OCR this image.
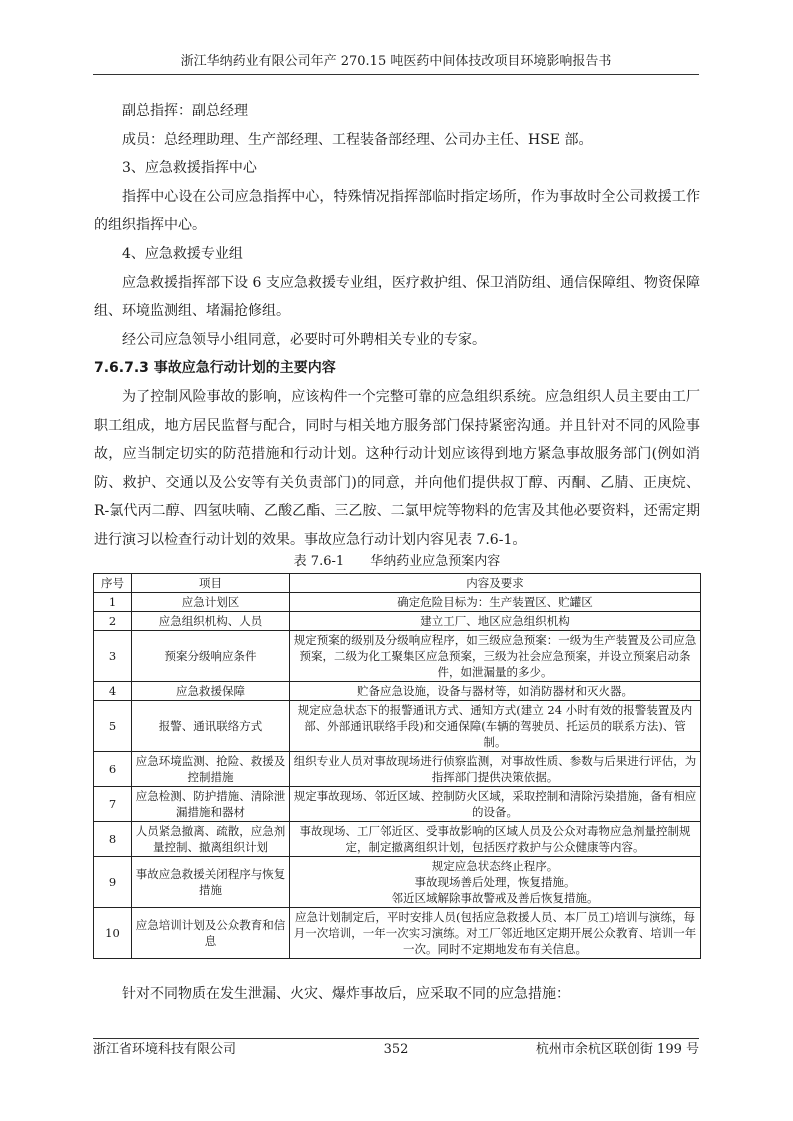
浙江华纳药业有限公司年产 270.15 吨医药中间体技改项目环境影响报告书

副总指挥：副总经理

成员：总经理助理、生产部经理、工程装备部经理、公司办主任、HSE 部。

3、应急救援指挥中心

指挥中心设在公司应急指挥中心，特殊情况指挥部临时指定场所，作为事故时全公司救援工作的组织指挥中心。

4、应急救援专业组

应急救援指挥部下设 6 支应急救援专业组，医疗救护组、保卫消防组、通信保障组、物资保障组、环境监测组、堵漏抢修组。

经公司应急领导小组同意，必要时可外聘相关专业的专家。

7.6.7.3 事故应急行动计划的主要内容

为了控制风险事故的影响，应该构件一个完整可靠的应急组织系统。应急组织人员主要由工厂职工组成，地方居民监督与配合，同时与相关地方服务部门保持紧密沟通。并且针对不同的风险事故，应当制定切实的防范措施和行动计划。这种行动计划应该得到地方紧急事故服务部门(例如消防、救护、交通以及公安等有关负责部门)的同意，并向他们提供叔丁醇、丙酮、乙腈、正庚烷、R-氯代丙二醇、四氢呋喃、乙酸乙酯、三乙胺、二氯甲烷等物料的危害及其他必要资料，还需定期进行演习以检查行动计划的效果。事故应急行动计划内容见表 7.6-1。

表 7.6-1 华纳药业应急预案内容
序号	项目	内容及要求
1	应急计划区	确定危险目标为：生产装置区、贮罐区

2	应急组织机构、人员	建立工厂、地区应急组织机构

3	预案分级响应条件	规定预案的级别及分级响应程序，如三级应急预案：一级为生产装置及公司应急预案，二级为化工聚集区应急预案，三级为社会应急预案，并设立预案启动条件，如泄漏量的多少。

4	应急救援保障	贮备应急设施，设备与器材等，如消防器材和灭火器。

5	报警、通讯联络方式	规定应急状态下的报警通讯方式、通知方式(建立 24 小时有效的报警装置及内部、外部通讯联络手段)和交通保障(车辆的驾驶员、托运员的联系方法)、管制。

6	应急环境监测、抢险、救援及控制措施	组织专业人员对事故现场进行侦察监测，对事故性质、参数与后果进行评估，为指挥部门提供决策依据。

7	应急检测、防护措施、清除泄漏措施和器材	规定事故现场、邻近区域、控制防火区域，采取控制和清除污染措施，备有相应的设备。

8	人员紧急撤离、疏散，应急剂量控制、撤离组织计划	事故现场、工厂邻近区、受事故影响的区域人员及公众对毒物应急剂量控制规定，制定撤离组织计划，包括医疗救护与公众健康等内容。

9	事故应急救援关闭程序与恢复措施	规定应急状态终止程序。
事故现场善后处理，恢复措施。
邻近区域解除事故警戒及善后恢复措施。

10	应急培训计划及公众教育和信息	应急计划制定后，平时安排人员(包括应急救援人员、本厂员工)培训与演练，每月一次培训，一年一次实习演练。对工厂邻近地区定期开展公众教育、培训一年一次。同时不定期地发布有关信息。
针对不同物质在发生泄漏、火灾、爆炸事故后，应采取不同的应急措施：
浙江省环境科技有限公司	352	杭州市余杭区联创街 199 号
